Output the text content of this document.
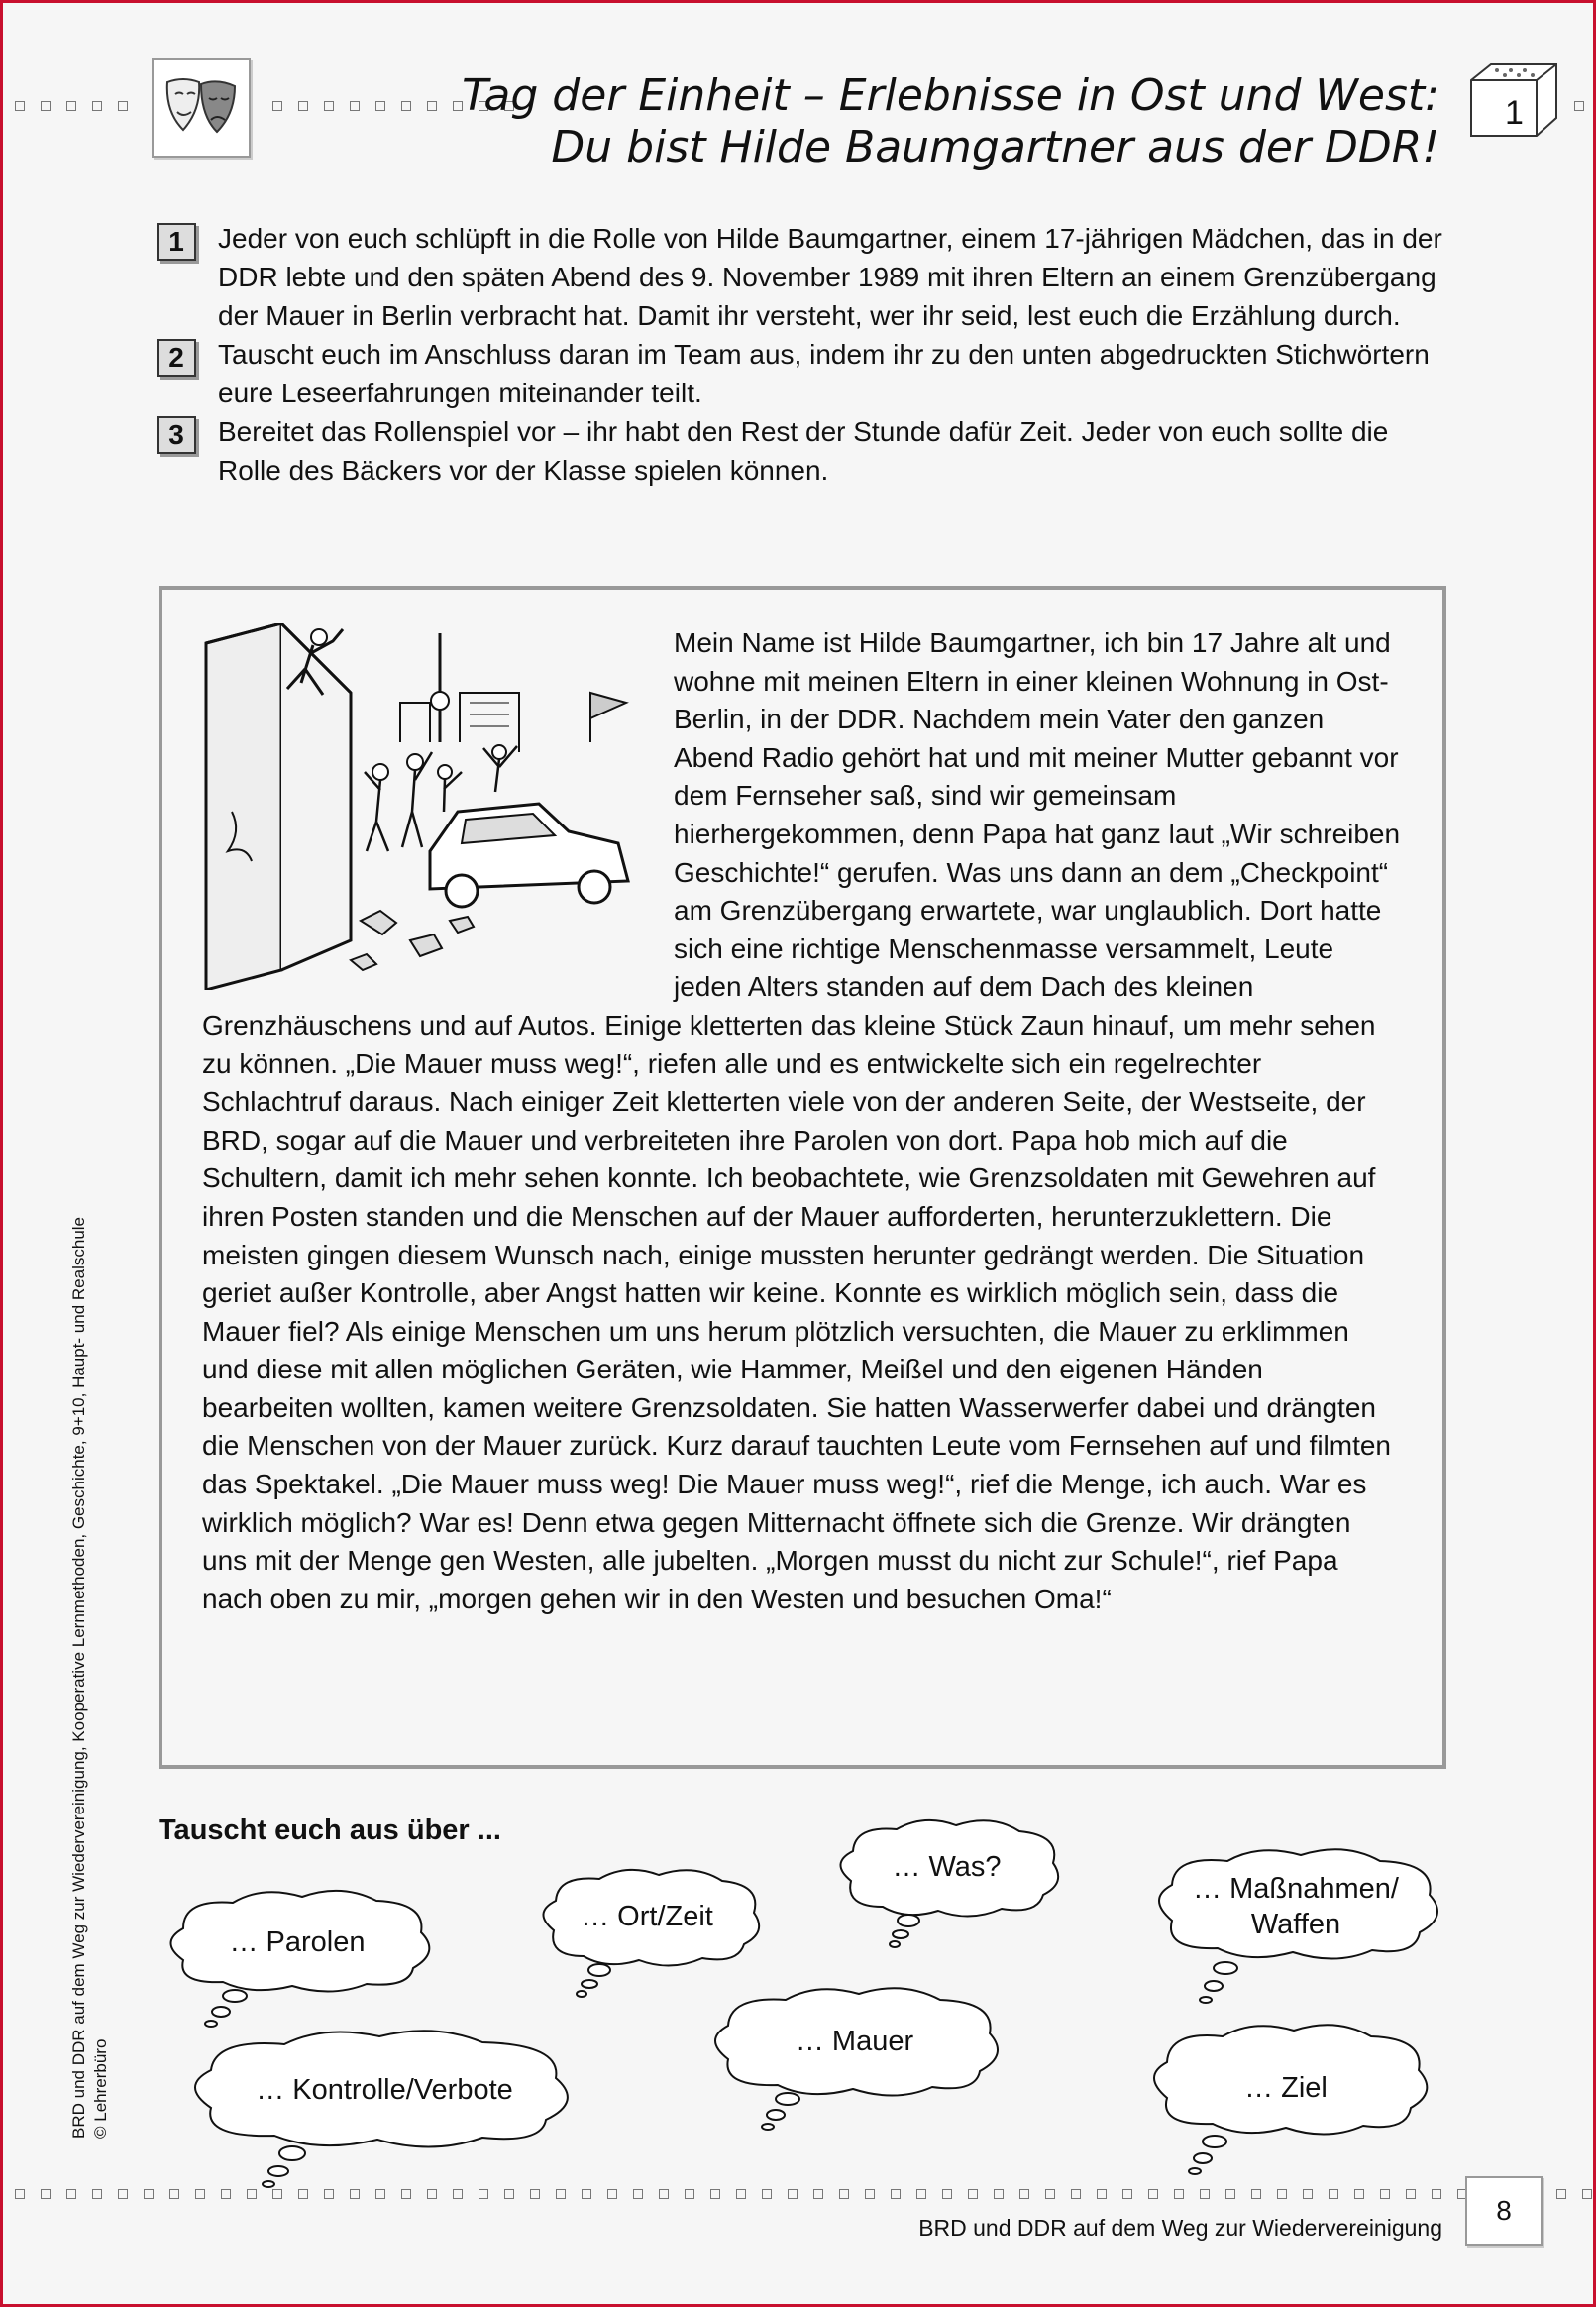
Tag der Einheit – Erlebnisse in Ost und West:
Du bist Hilde Baumgartner aus der DDR!
1
1	Jeder von euch schlüpft in die Rolle von Hilde Baumgartner, einem 17-jährigen Mädchen, das in der DDR lebte und den späten Abend des 9. November 1989 mit ihren Eltern an einem Grenzübergang der Mauer in Berlin verbracht hat. Damit ihr versteht, wer ihr seid, lest euch die Erzählung durch.
2	Tauscht euch im Anschluss daran im Team aus, indem ihr zu den unten abgedruckten Stichwörtern eure Leseerfahrungen miteinander teilt.
3	Bereitet das Rollenspiel vor – ihr habt den Rest der Stunde dafür Zeit. Jeder von euch sollte die Rolle des Bäckers vor der Klasse spielen können.
Mein Name ist Hilde Baumgartner, ich bin 17 Jahre alt und wohne mit meinen Eltern in einer kleinen Wohnung in Ost-Berlin, in der DDR. Nachdem mein Vater den ganzen Abend Radio gehört hat und mit meiner Mutter gebannt vor dem Fernseher saß, sind wir gemeinsam hierhergekommen, denn Papa hat ganz laut „Wir schreiben Geschichte!“ gerufen. Was uns dann an dem „Checkpoint“ am Grenzübergang erwartete, war unglaublich. Dort hatte sich eine richtige Menschenmasse versammelt, Leute jeden Alters standen auf dem Dach des kleinen Grenzhäuschens und auf Autos. Einige kletterten das kleine Stück Zaun hinauf, um mehr sehen zu können. „Die Mauer muss weg!“, riefen alle und es entwickelte sich ein regelrechter Schlachtruf daraus. Nach einiger Zeit kletterten viele von der anderen Seite, der Westseite, der BRD, sogar auf die Mauer und verbreiteten ihre Parolen von dort. Papa hob mich auf die Schultern, damit ich mehr sehen konnte. Ich beobachtete, wie Grenzsoldaten mit Gewehren auf ihren Posten standen und die Menschen auf der Mauer aufforderten, herunterzuklettern. Die meisten gingen diesem Wunsch nach, einige mussten herunter gedrängt werden. Die Situation geriet außer Kontrolle, aber Angst hatten wir keine. Konnte es wirklich möglich sein, dass die Mauer fiel? Als einige Menschen um uns herum plötzlich versuchten, die Mauer zu erklimmen und diese mit allen möglichen Geräten, wie Hammer, Meißel und den eigenen Händen bearbeiten wollten, kamen weitere Grenzsoldaten. Sie hatten Wasserwerfer dabei und drängten die Menschen von der Mauer zurück. Kurz darauf tauchten Leute vom Fernsehen auf und filmten das Spektakel. „Die Mauer muss weg! Die Mauer muss weg!“, rief die Menge, ich auch. War es wirklich möglich? War es! Denn etwa gegen Mitternacht öffnete sich die Grenze. Wir drängten uns mit der Menge gen Westen, alle jubelten. „Morgen musst du nicht zur Schule!“, rief Papa nach oben zu mir, „morgen gehen wir in den Westen und besuchen Oma!“
Tauscht euch aus über ...
… Parolen
… Ort/Zeit
… Was?
… Maßnahmen/
Waffen
… Mauer
… Kontrolle/Verbote	… Ziel
BRD und DDR auf dem Weg zur Wiedervereinigung, Kooperative Lernmethoden, Geschichte, 9+10, Haupt- und Realschule © Lehrerbüro
8
BRD und DDR auf dem Weg zur Wiedervereinigung
